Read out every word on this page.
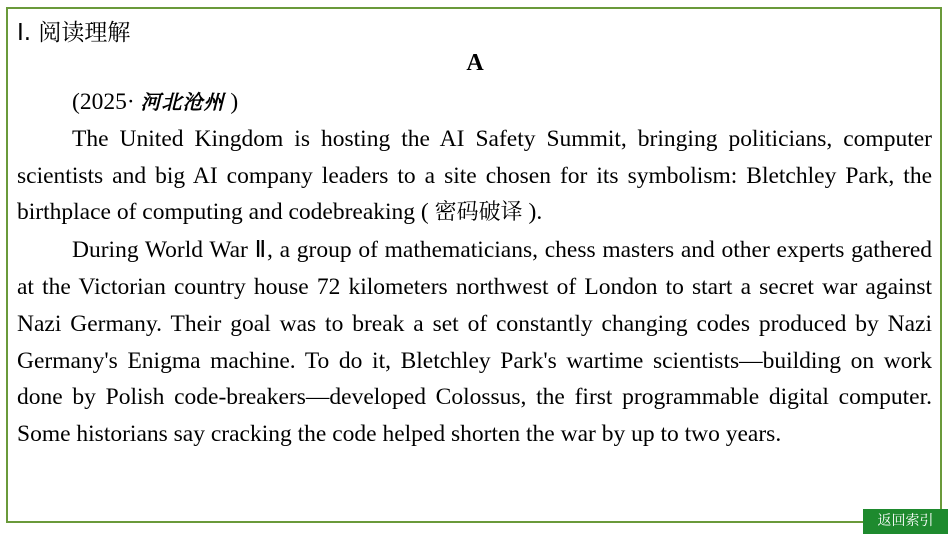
I. 阅读理解
A

(2025· 河北沧州 )

The United Kingdom is hosting the AI Safety Summit, bringing politicians, computer scientists and big AI company leaders to a site chosen for its symbolism: Bletchley Park, the birthplace of computing and codebreaking ( 密码破译 ).

During World War Ⅱ, a group of mathematicians, chess masters and other experts gathered at the Victorian country house 72 kilometers northwest of London to start a secret war against Nazi Germany. Their goal was to break a set of constantly changing codes produced by Nazi Germany's Enigma machine. To do it, Bletchley Park's wartime scientists—building on work done by Polish code-breakers—developed Colossus, the first programmable digital computer. Some historians say cracking the code helped shorten the war by up to two years.

返回索引
